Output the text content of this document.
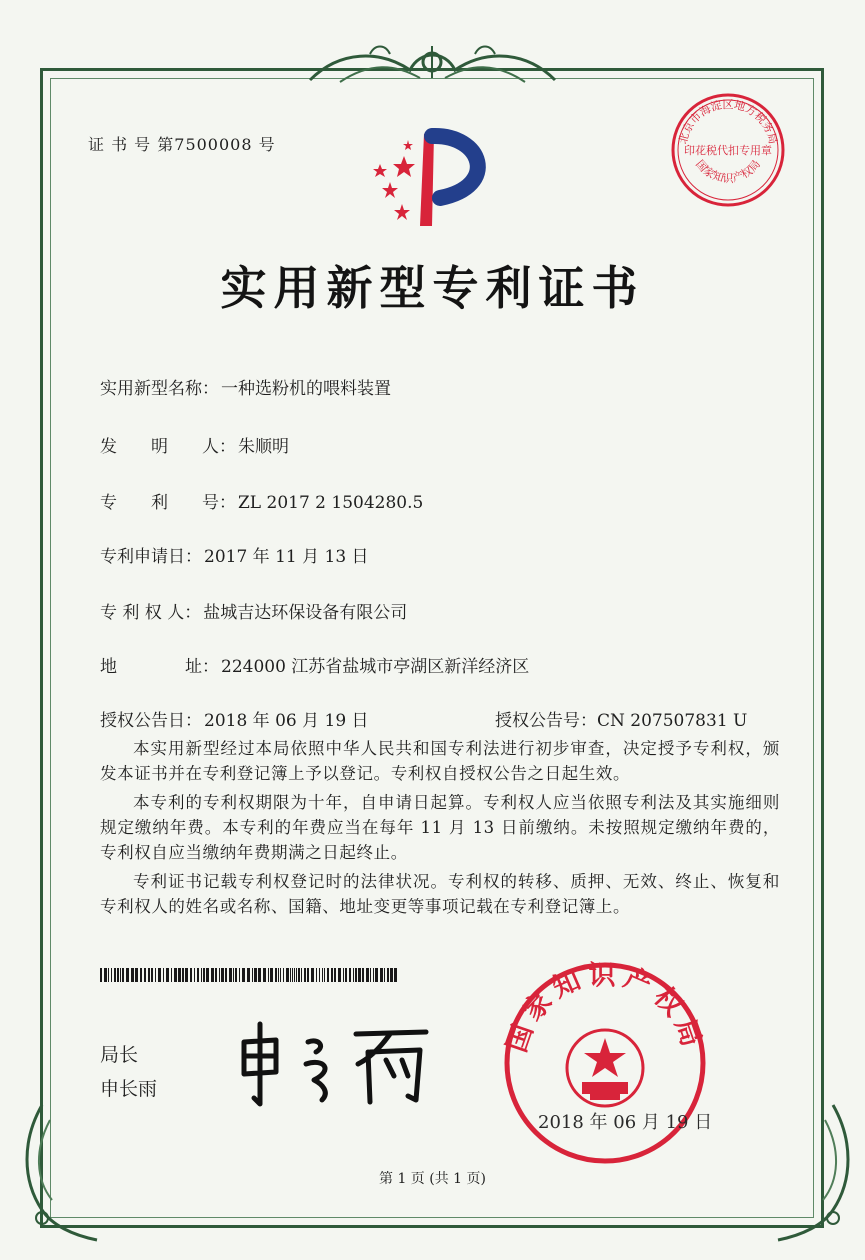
证 书 号 第7500008 号	北京市海淀区地方税务局
国家知识产权局
印花税代扣专用章
实用新型专利证书
实用新型名称： 一种选粉机的喂料装置
发　　明　　人： 朱顺明
专　　利　　号： ZL 2017 2 1504280.5
专利申请日： 2017 年 11 月 13 日
专 利 权 人： 盐城吉达环保设备有限公司
地　　　　址： 224000 江苏省盐城市亭湖区新洋经济区
授权公告日： 2018 年 06 月 19 日	授权公告号：CN 207507831 U

本实用新型经过本局依照中华人民共和国专利法进行初步审查，决定授予专利权，颁发本证书并在专利登记簿上予以登记。专利权自授权公告之日起生效。

本专利的专利权期限为十年，自申请日起算。专利权人应当依照专利法及其实施细则规定缴纳年费。本专利的年费应当在每年 11 月 13 日前缴纳。未按照规定缴纳年费的，专利权自应当缴纳年费期满之日起终止。

专利证书记载专利权登记时的法律状况。专利权的转移、质押、无效、终止、恢复和专利权人的姓名或名称、国籍、地址变更等事项记载在专利登记簿上。

局长
申长雨
国家知识产权局
2018 年 06 月 19 日
第 1 页 (共 1 页)
